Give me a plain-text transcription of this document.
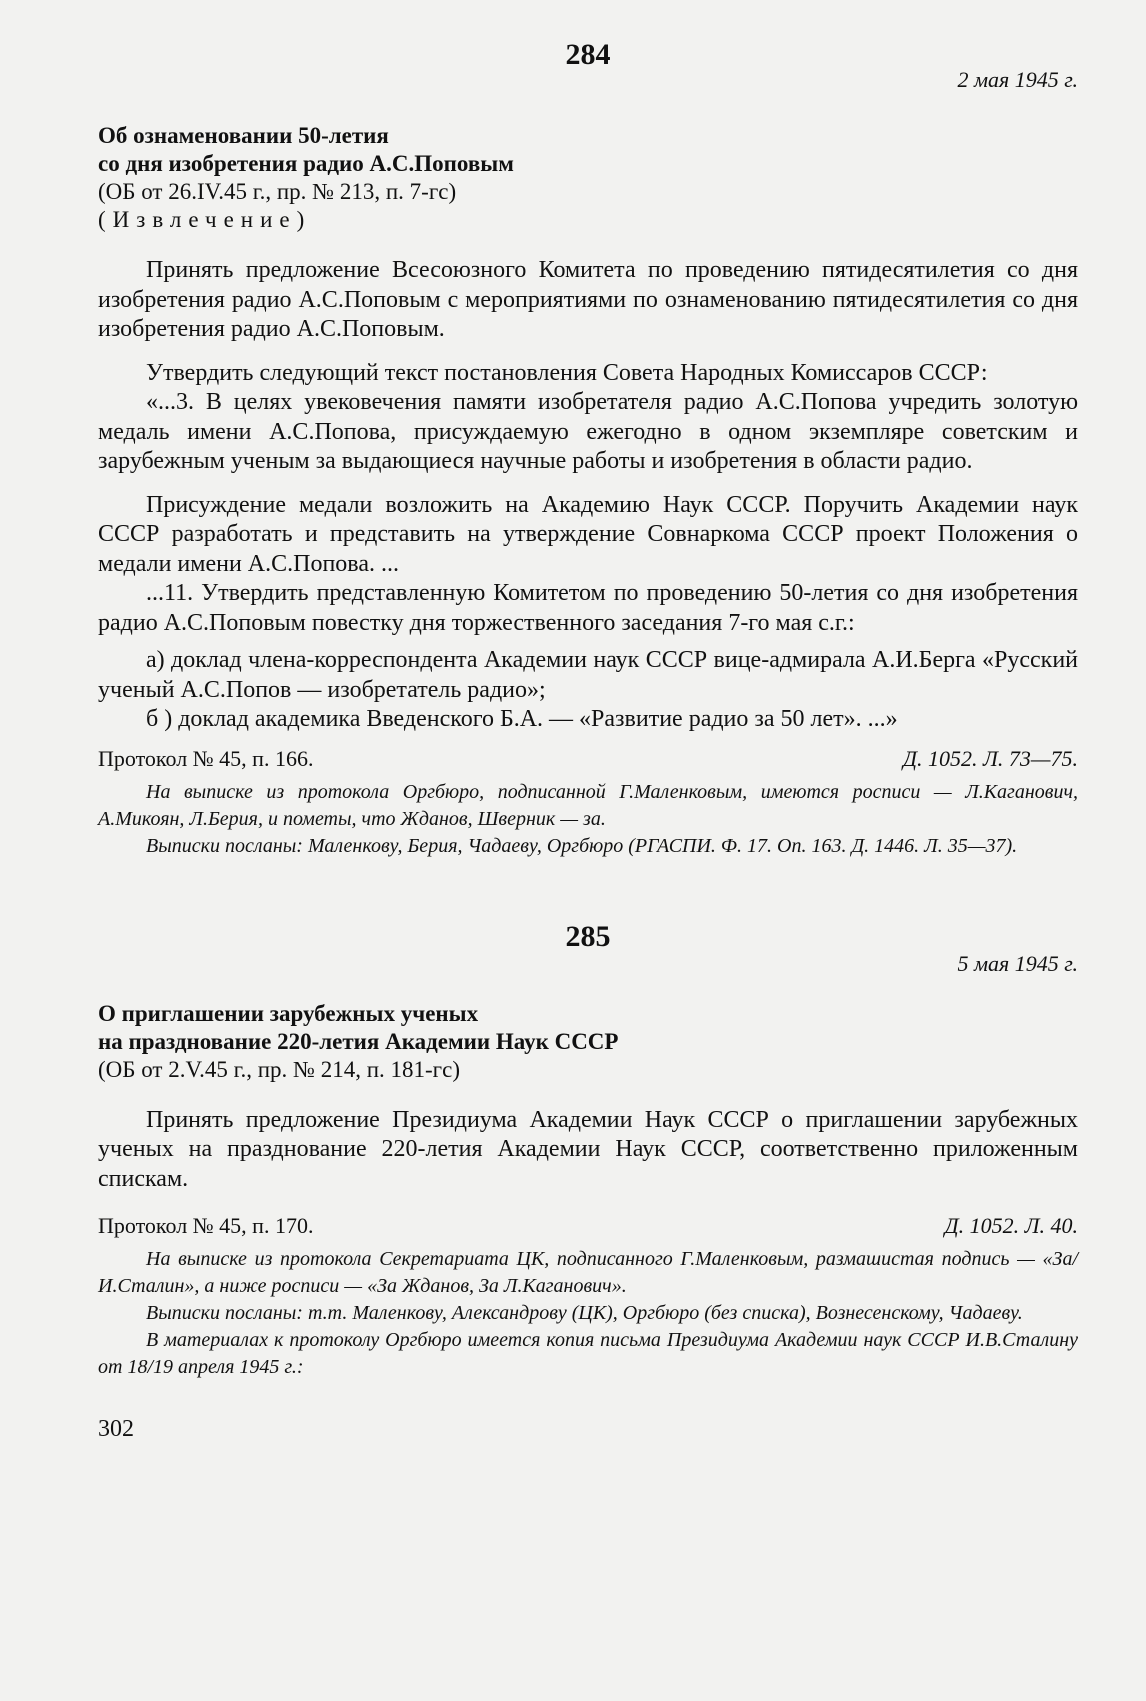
284
2 мая 1945 г.
Об ознаменовании 50-летия
со дня изобретения радио А.С.Поповым
(ОБ от 26.IV.45 г., пр. № 213, п. 7-гс)
(Извлечение)

Принять предложение Всесоюзного Комитета по проведению пятидесятилетия со дня изобретения радио А.С.Поповым с мероприятиями по ознаменованию пятидесятилетия со дня изобретения радио А.С.Поповым.

Утвердить следующий текст постановления Совета Народных Комиссаров СССР:

«...3. В целях увековечения памяти изобретателя радио А.С.Попова учредить золотую медаль имени А.С.Попова, присуждаемую ежегодно в одном экземпляре советским и зарубежным ученым за выдающиеся научные работы и изобретения в области радио.

Присуждение медали возложить на Академию Наук СССР. Поручить Академии наук СССР разработать и представить на утверждение Совнаркома СССР проект Положения о медали имени А.С.Попова. ...

...11. Утвердить представленную Комитетом по проведению 50-летия со дня изобретения радио А.С.Поповым повестку дня торжественного заседания 7-го мая с.г.:

а) доклад члена-корреспондента Академии наук СССР вице-адмирала А.И.Берга «Русский ученый А.С.Попов — изобретатель радио»;

б ) доклад академика Введенского Б.А. — «Развитие радио за 50 лет». ...»

Протокол № 45, п. 166.	Д. 1052. Л. 73—75.

На выписке из протокола Оргбюро, подписанной Г.Маленковым, имеются росписи — Л.Каганович, А.Микоян, Л.Берия, и пометы, что Жданов, Шверник — за.

Выписки посланы: Маленкову, Берия, Чадаеву, Оргбюро (РГАСПИ. Ф. 17. Оп. 163. Д. 1446. Л. 35—37).

285
5 мая 1945 г.
О приглашении зарубежных ученых
на празднование 220-летия Академии Наук СССР
(ОБ от 2.V.45 г., пр. № 214, п. 181-гс)

Принять предложение Президиума Академии Наук СССР о приглашении зарубежных ученых на празднование 220-летия Академии Наук СССР, соответственно приложенным спискам.

Протокол № 45, п. 170.	Д. 1052. Л. 40.

На выписке из протокола Секретариата ЦК, подписанного Г.Маленковым, размашистая подпись — «За/И.Сталин», а ниже росписи — «За Жданов, За Л.Каганович».

Выписки посланы: т.т. Маленкову, Александрову (ЦК), Оргбюро (без списка), Вознесенскому, Чадаеву.

В материалах к протоколу Оргбюро имеется копия письма Президиума Академии наук СССР И.В.Сталину от 18/19 апреля 1945 г.:

302
